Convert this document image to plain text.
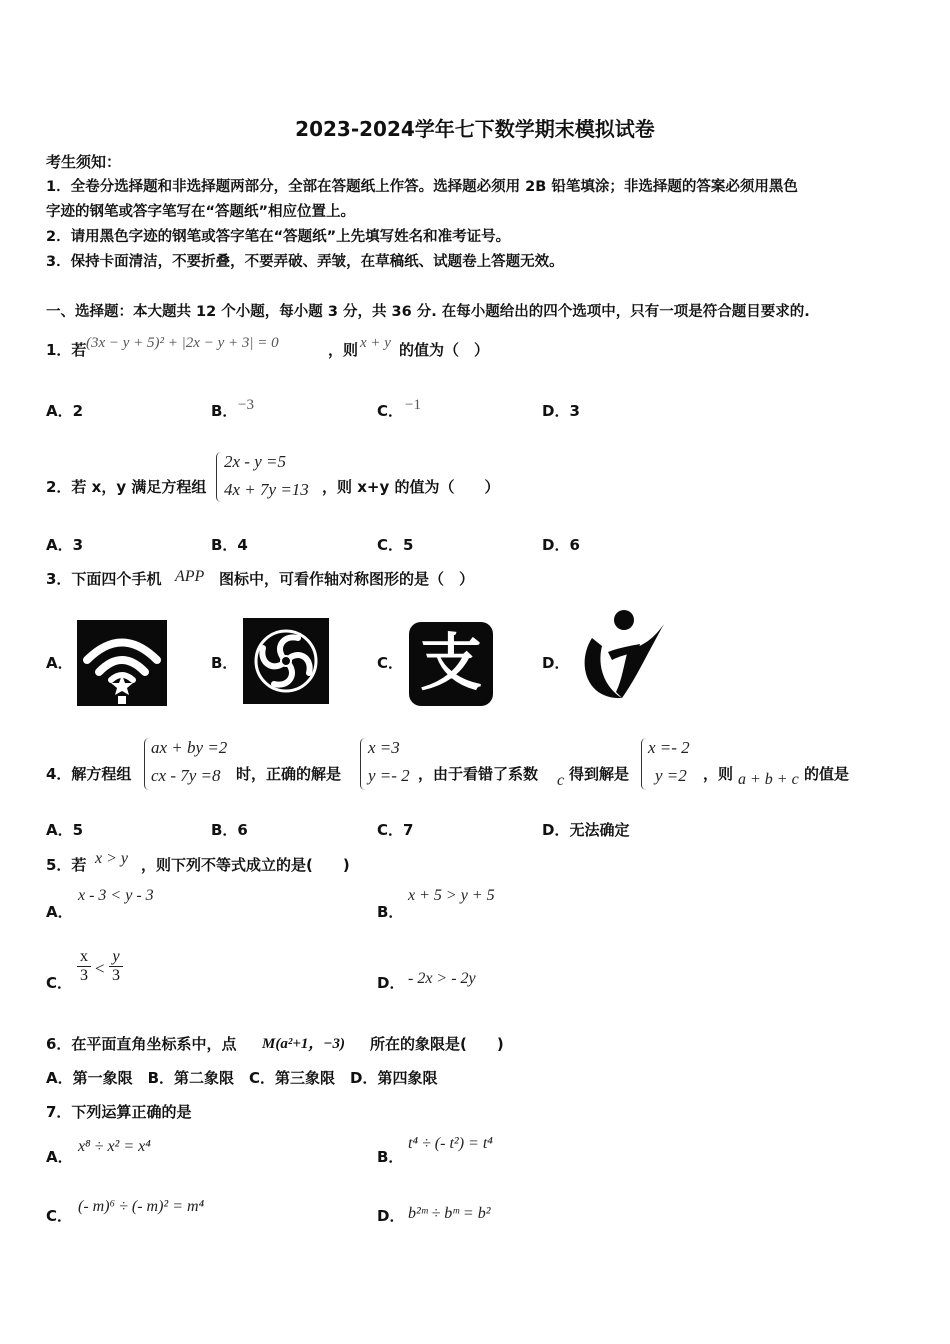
2023-2024学年七下数学期末模拟试卷
考生须知：
1．全卷分选择题和非选择题两部分，全部在答题纸上作答。选择题必须用 2B 铅笔填涂；非选择题的答案必须用黑色
字迹的钢笔或答字笔写在“答题纸”相应位置上。
2．请用黑色字迹的钢笔或答字笔在“答题纸”上先填写姓名和准考证号。
3．保持卡面清洁，不要折叠，不要弄破、弄皱，在草稿纸、试题卷上答题无效。
一、选择题：本大题共 12 个小题，每小题 3 分，共 36 分. 在每小题给出的四个选项中，只有一项是符合题目要求的.
1．若 (3x − y + 5)² + |2x − y + 3| = 0	，则 x + y 的值为（　）
A．2	B． −3	C． −1	D．3
2．若 x，y 满足方程组
2x - y =5
4x + 7y =13 ，则 x+y 的值为（　　）
A．3	B．4	C．5	D．6
3．下面四个手机 APP 图标中，可看作轴对称图形的是（　）
A．	B．	C． 支	D．
4．解方程组
ax + by =2
cx - 7y =8 时，正确的解是
x =3
y =- 2 ，由于看错了系数 c 得到解是
x =- 2
y =2 ，则 a + b + c 的值是
A．5	B．6	C．7	D．无法确定
5．若 x > y ，则下列不等式成立的是(　　)
A．
x - 3 < y - 3
B．
x + 5 > y + 5
C． $\frac{x}{3} < \frac{y}{3}$	D． - 2x > - 2y
6．在平面直角坐标系中，点 M(a²+1，−3) 所在的象限是(　　)
A．第一象限　B．第二象限　C．第三象限　D．第四象限
7．下列运算正确的是
A．
x⁸ ÷ x² = x⁴
B．
t⁴ ÷ (- t²) = t⁴
C．
(- m)⁶ ÷ (- m)² = m⁴
D． b²ᵐ ÷ bᵐ = b²
